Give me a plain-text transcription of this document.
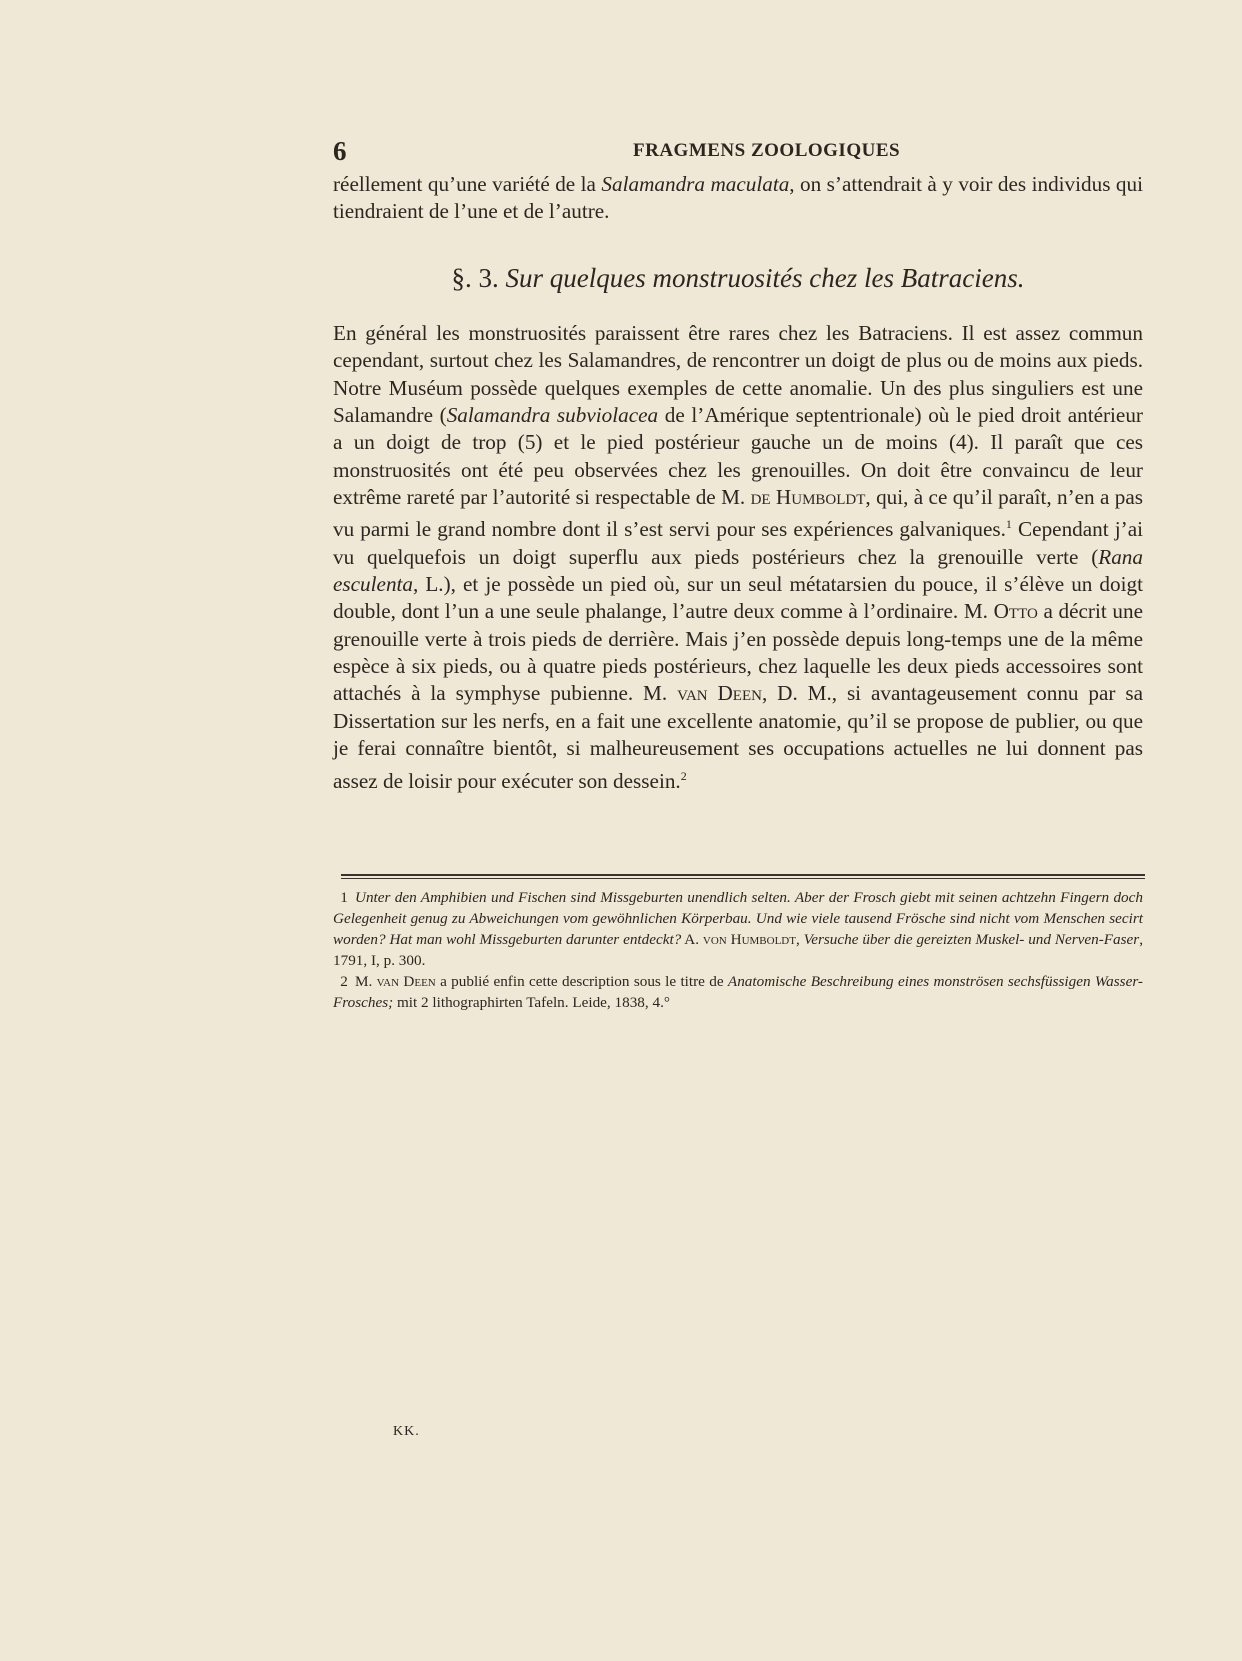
6	FRAGMENS ZOOLOGIQUES

réellement qu’une variété de la Salamandra maculata, on s’attendrait à y voir des individus qui tiendraient de l’une et de l’autre.

§. 3. Sur quelques monstruosités chez les Batraciens.

En général les monstruosités paraissent être rares chez les Batraciens. Il est assez commun cependant, surtout chez les Salamandres, de rencontrer un doigt de plus ou de moins aux pieds. Notre Muséum possède quelques exemples de cette anomalie. Un des plus singuliers est une Salamandre (Salamandra subviolacea de l’Amérique septentrionale) où le pied droit antérieur a un doigt de trop (5) et le pied postérieur gauche un de moins (4). Il paraît que ces monstruosités ont été peu observées chez les grenouilles. On doit être convaincu de leur extrême rareté par l’autorité si respectable de M. de Humboldt, qui, à ce qu’il paraît, n’en a pas vu parmi le grand nombre dont il s’est servi pour ses expériences galvaniques.$^1$ Cependant j’ai vu quelquefois un doigt superflu aux pieds postérieurs chez la grenouille verte (Rana esculenta, L.), et je possède un pied où, sur un seul métatarsien du pouce, il s’élève un doigt double, dont l’un a une seule phalange, l’autre deux comme à l’ordinaire. M. Otto a décrit une grenouille verte à trois pieds de derrière. Mais j’en possède depuis long-temps une de la même espèce à six pieds, ou à quatre pieds postérieurs, chez laquelle les deux pieds accessoires sont attachés à la symphyse pubienne. M. van Deen, D. M., si avantageusement connu par sa Dissertation sur les nerfs, en a fait une excellente anatomie, qu’il se propose de publier, ou que je ferai connaître bientôt, si malheureusement ses occupations actuelles ne lui donnent pas assez de loisir pour exécuter son dessein.$^2$

1 Unter den Amphibien und Fischen sind Missgeburten unendlich selten. Aber der Frosch giebt mit seinen achtzehn Fingern doch Gelegenheit genug zu Abweichungen vom gewöhnlichen Körperbau. Und wie viele tausend Frösche sind nicht vom Menschen secirt worden? Hat man wohl Missgeburten darunter entdeckt? A. von Humboldt, Versuche über die gereizten Muskel- und Nerven-Faser, 1791, I, p. 300.

2 M. van Deen a publié enfin cette description sous le titre de Anatomische Beschreibung eines monströsen sechsfüssigen Wasser-Frosches; mit 2 lithographirten Tafeln. Leide, 1838, 4.°

KK.
